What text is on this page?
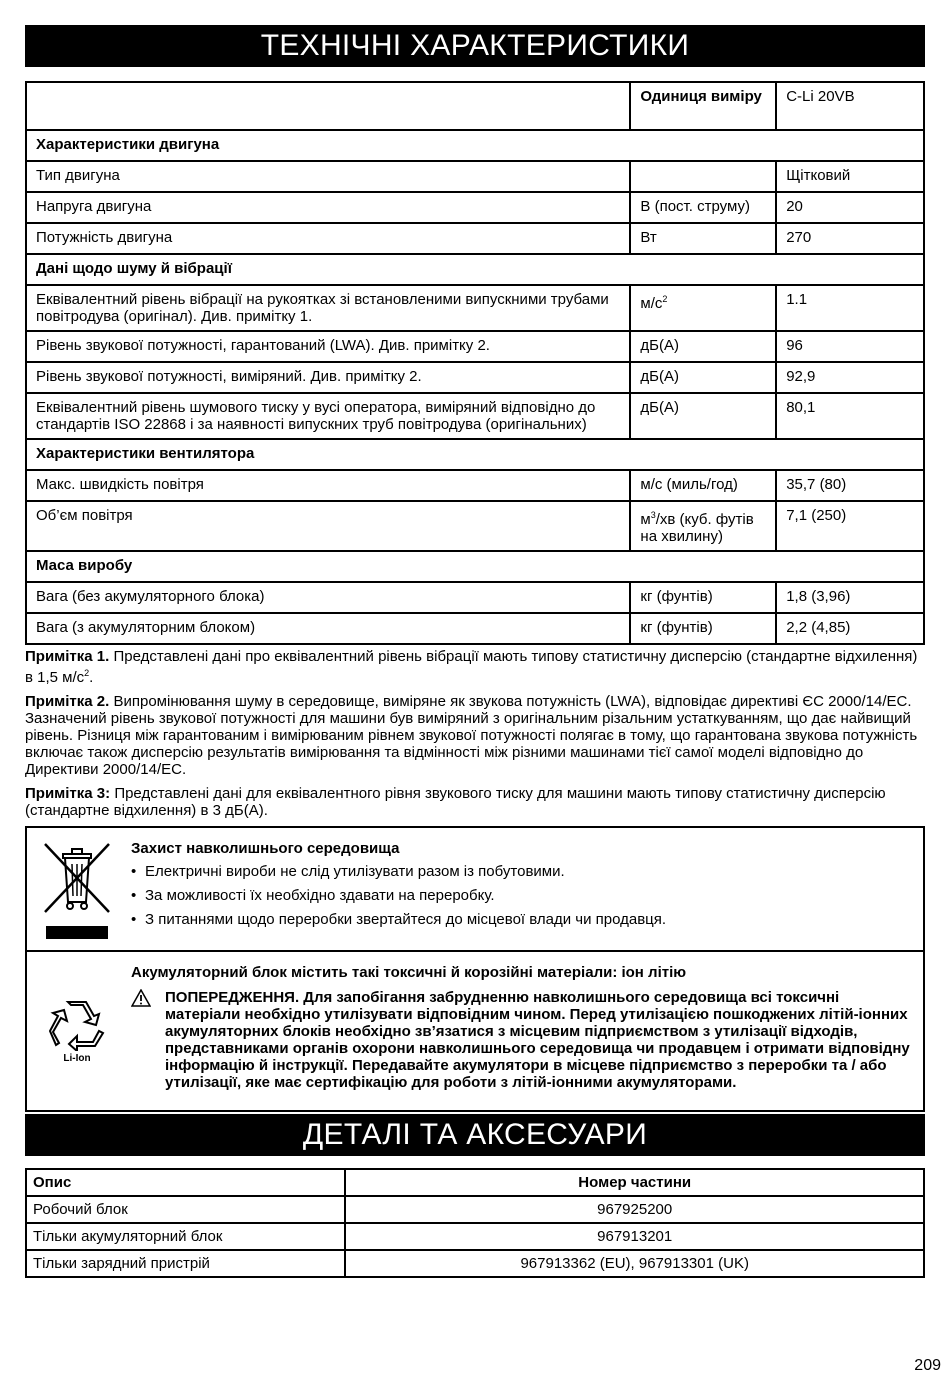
ТЕХНІЧНІ ХАРАКТЕРИСТИКИ
	Одиниця виміру	C-Li 20VB
Характеристики двигуна		
Тип двигуна		Щітковий
Напруга двигуна	В (пост. струму)	20
Потужність двигуна	Вт	270
Дані щодо шуму й вібрації		
Еквівалентний рівень вібрації на рукоятках зі встановленими випускними трубами повітродува (оригінал). Див. примітку 1.	$м/с^2$	1.1
Рівень звукової потужності, гарантований (LWA). Див. примітку 2.	дБ(A)	96
Рівень звукової потужності, виміряний. Див. примітку 2.	дБ(A)	92,9
Еквівалентний рівень шумового тиску у вусі оператора, виміряний відповідно до стандартів ISO 22868 і за наявності випускних труб повітродува (оригінальних)	дБ(A)	80,1
Характеристики вентилятора		
Макс. швидкість повітря	м/с (миль/год)	35,7 (80)
Об’єм повітря	$м^3/хв$ (куб. футів на хвилину)	7,1 (250)
Маса виробу		
Вага (без акумуляторного блока)	кг (фунтів)	1,8 (3,96)
Вага (з акумуляторним блоком)	кг (фунтів)	2,2 (4,85)

Примітка 1. Представлені дані про еквівалентний рівень вібрації мають типову статистичну дисперсію (стандартне відхилення) в 1,5 $м/с^2$.

Примітка 2. Випромінювання шуму в середовище, виміряне як звукова потужність (LWA), відповідає директиві ЄС 2000/14/ЕС. Зазначений рівень звукової потужності для машини був виміряний з оригінальним різальним устаткуванням, що дає найвищий рівень. Різниця між гарантованим і вимірюваним рівнем звукової потужності полягає в тому, що гарантована звукова потужність включає також дисперсію результатів вимірювання та відмінності між різними машинами тієї самої моделі відповідно до Директиви 2000/14/ЕС.

Примітка 3: Представлені дані для еквівалентного рівня звукового тиску для машини мають типову статистичну дисперсію (стандартне відхилення) в 3 дБ(A).

Захист навколишнього середовища
• Електричні вироби не слід утилізувати разом із побутовими.
• За можливості їх необхідно здавати на переробку.
• З питаннями щодо переробки звертайтеся до місцевої влади чи продавця.
Li-Ion
Акумуляторний блок містить такі токсичні й корозійні матеріали: іон літію
ПОПЕРЕДЖЕННЯ. Для запобігання забрудненню навколишнього середовища всі токсичні матеріали необхідно утилізувати відповідним чином. Перед утилізацією пошкоджених літій-іонних акумуляторних блоків необхідно зв’язатися з місцевим підприємством з утилізації відходів, представниками органів охорони навколишнього середовища чи продавцем і отримати відповідну інформацію й інструкції. Передавайте акумулятори в місцеве підприємство з переробки та / або утилізації, яке має сертифікацію для роботи з літій-іонними акумуляторами.
ДЕТАЛІ ТА АКСЕСУАРИ
Опис	Номер частини
Робочий блок	967925200
Тільки акумуляторний блок	967913201
Тільки зарядний пристрій	967913362 (EU), 967913301 (UK)
209
